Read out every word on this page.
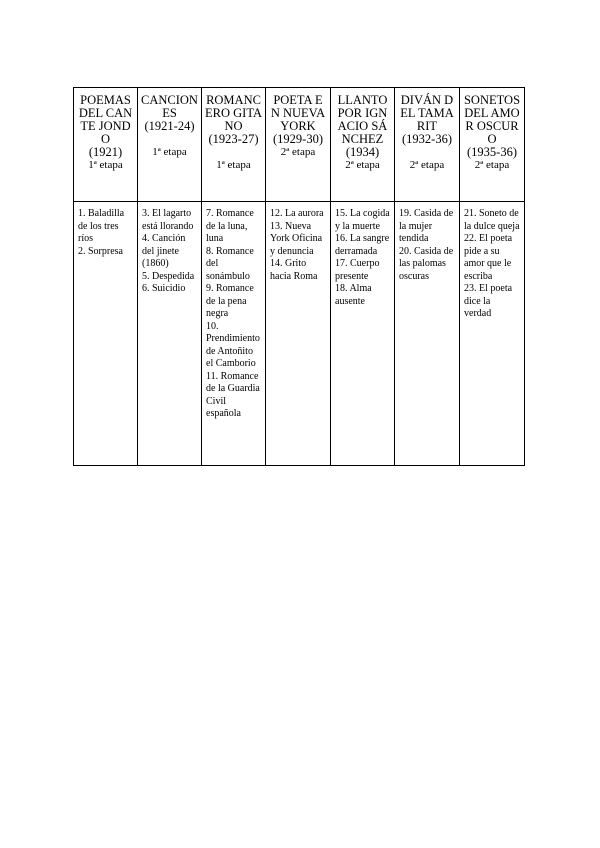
POEMAS DEL CANTE JONDO
(1921)
1ª etapa	CANCIONES
(1921-24)
1ª etapa	ROMANCERO GITANO
(1923-27)
1ª etapa	POETA EN NUEVA YORK
(1929-30)
2ª etapa	LLANTO POR IGNACIO SÁNCHEZ
(1934)
2ª etapa	DIVÁN DEL TAMARIT
(1932-36)
2ª etapa	SONETOS DEL AMOR OSCURO
(1935-36)
2ª etapa

1. Baladilla de los tres ríos
2. Sorpresa	3. El lagarto está llorando
4. Canción del jinete (1860)
5. Despedida
6. Suicidio	7. Romance de la luna, luna
8. Romance del sonámbulo
9. Romance de la pena negra
10. Prendimiento de Antoñito el Camborio
11. Romance de la Guardia Civil española	12. La aurora
13. Nueva York Oficina y denuncia
14. Grito hacia Roma	15. La cogida y la muerte
16. La sangre derramada
17. Cuerpo presente
18. Alma ausente	19. Casida de la mujer tendida
20. Casida de las palomas oscuras	21. Soneto de la dulce queja
22. El poeta pide a su amor que le escriba
23. El poeta dice la verdad
